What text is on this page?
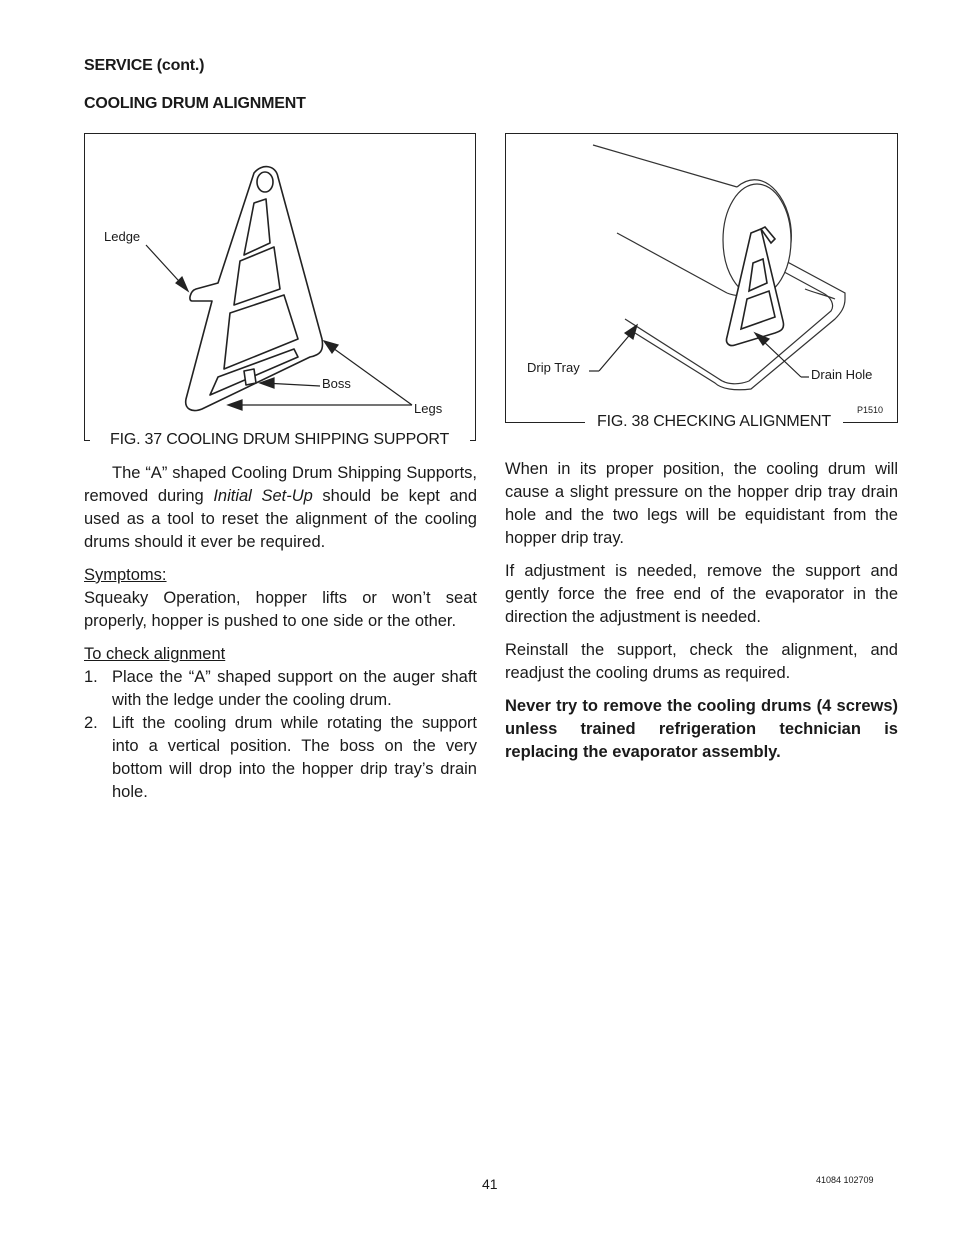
SERVICE (cont.)
COOLING DRUM ALIGNMENT
Ledge
Boss
Legs
FIG. 37 COOLING DRUM SHIPPING SUPPORT
Drip Tray	Drain Hole
P1510
FIG. 38 CHECKING ALIGNMENT

The “A” shaped Cooling Drum Shipping Supports, removed during Initial Set-Up should be kept and used as a tool to reset the alignment of the cooling drums should it ever be required.

Symptoms:

Squeaky Operation, hopper lifts or won’t seat properly, hopper is pushed to one side or the other.

To check alignment

1. Place the “A” shaped support on the auger shaft with the ledge under the cooling drum.
2. Lift the cooling drum while rotating the support into a vertical position. The boss on the very bottom will drop into the hopper drip tray’s drain hole.

When in its proper position, the cooling drum will cause a slight pressure on the hopper drip tray drain hole and the two legs will be equidistant from the hopper drip tray.

If adjustment is needed, remove the support and gently force the free end of the evaporator in the direction the adjustment is needed.

Reinstall the support, check the alignment, and readjust the cooling drums as required.

Never try to remove the cooling drums (4 screws) unless trained refrigeration technician is replacing the evaporator assembly.

41	41084 102709
